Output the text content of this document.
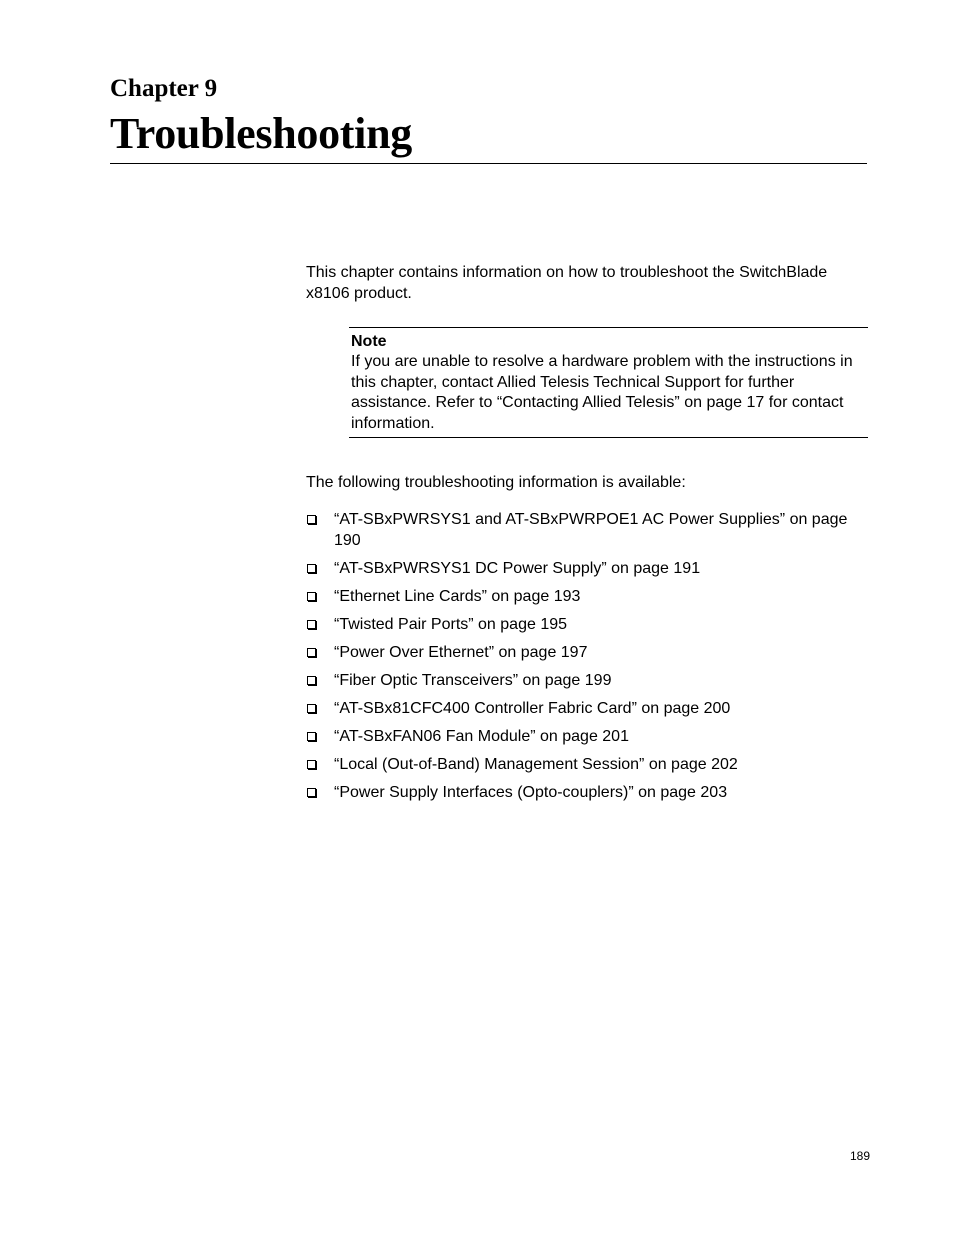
Chapter 9
Troubleshooting

This chapter contains information on how to troubleshoot the SwitchBlade x8106 product.

Note

If you are unable to resolve a hardware problem with the instructions in this chapter, contact Allied Telesis Technical Support for further assistance. Refer to “Contacting Allied Telesis” on page 17 for contact information.

The following troubleshooting information is available:

“AT-SBxPWRSYS1 and AT-SBxPWRPOE1 AC Power Supplies” on page 190
“AT-SBxPWRSYS1 DC Power Supply” on page 191
“Ethernet Line Cards” on page 193
“Twisted Pair Ports” on page 195
“Power Over Ethernet” on page 197
“Fiber Optic Transceivers” on page 199
“AT-SBx81CFC400 Controller Fabric Card” on page 200
“AT-SBxFAN06 Fan Module” on page 201
“Local (Out-of-Band) Management Session” on page 202
“Power Supply Interfaces (Opto-couplers)” on page 203

189
